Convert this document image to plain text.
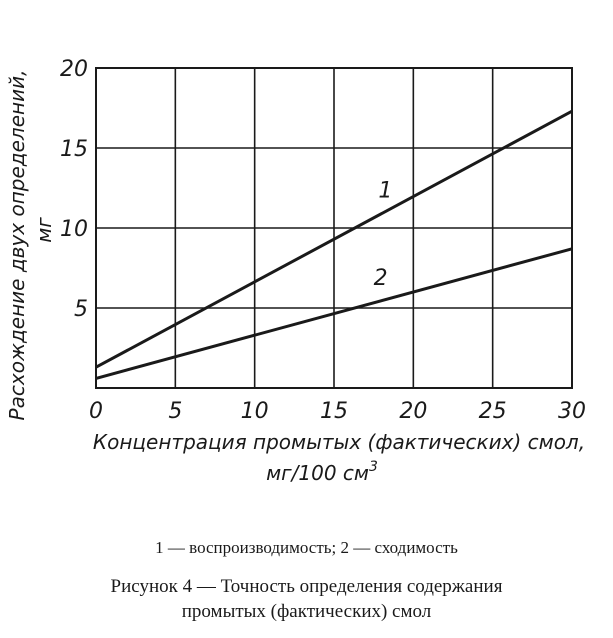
0	5	10 15 20 25 30
5
10
15
20
1
2
Расхождение двух определений, мг
Концентрация промытых (фактических) смол,
мг/100 $см^3$
1 — воспроизводимость; 2 — сходимость
Рисунок 4 — Точность определения содержания
промытых (фактических) смол
